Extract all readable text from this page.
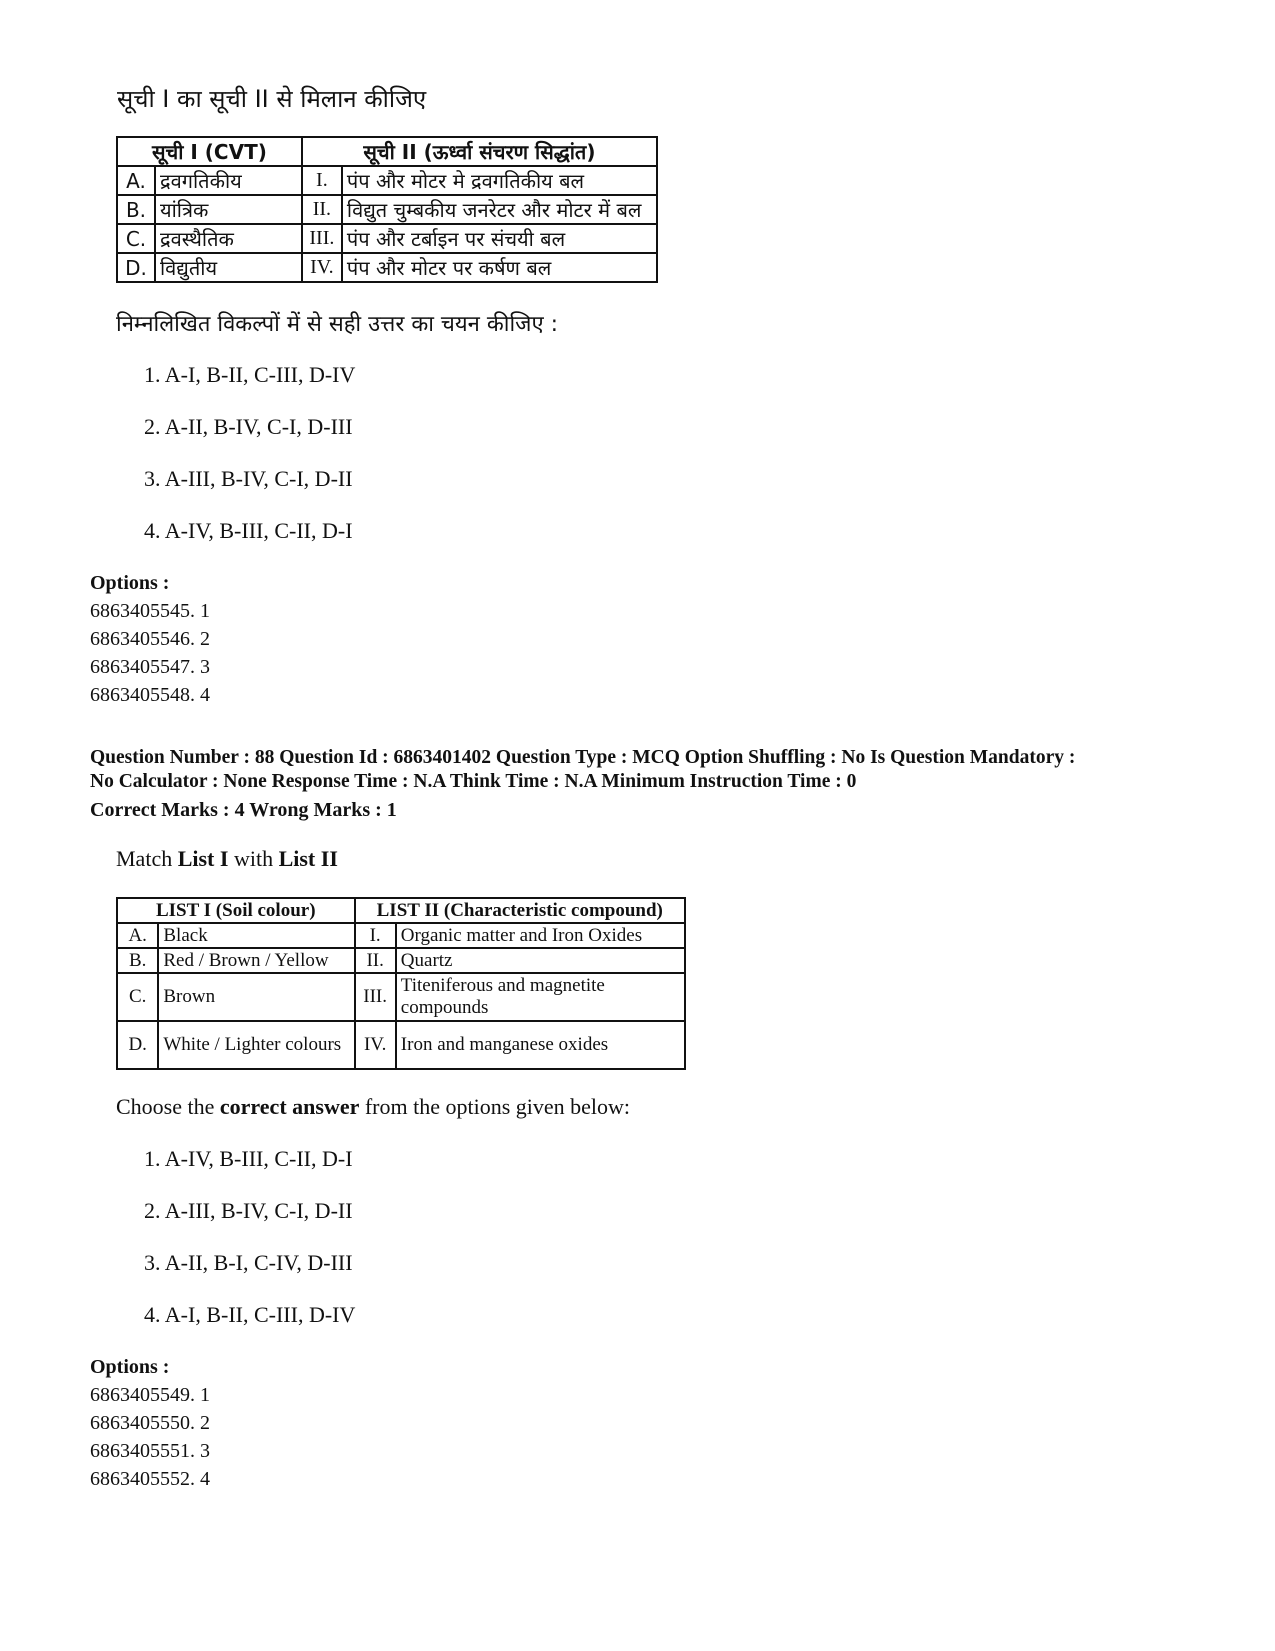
सूची I का सूची II से मिलान कीजिए
सूची I (CVT)		सूची II (ऊर्ध्वा संचरण सिद्धांत)	
A.	द्रवगतिकीय	I.	पंप और मोटर मे द्रवगतिकीय बल
B.	यांत्रिक	II.	विद्युत चुम्बकीय जनरेटर और मोटर में बल
C.	द्रवस्थैतिक	III.	पंप और टर्बाइन पर संचयी बल
D.	विद्युतीय	IV.	पंप और मोटर पर कर्षण बल
निम्नलिखित विकल्पों में से सही उत्तर का चयन कीजिए :
1. A-I, B-II, C-III, D-IV
2. A-II, B-IV, C-I, D-III
3. A-III, B-IV, C-I, D-II
4. A-IV, B-III, C-II, D-I
Options :
6863405545. 1
6863405546. 2
6863405547. 3
6863405548. 4
Question Number : 88 Question Id : 6863401402 Question Type : MCQ Option Shuffling : No Is Question Mandatory :
No Calculator : None Response Time : N.A Think Time : N.A Minimum Instruction Time : 0
Correct Marks : 4 Wrong Marks : 1
Match List I with List II
LIST I (Soil colour)		LIST II (Characteristic compound)	
A.	Black	I.	Organic matter and Iron Oxides
B.	Red / Brown / Yellow	II.	Quartz
C.	Brown	III.	Titeniferous and magnetite compounds
D.	White / Lighter colours	IV.	Iron and manganese oxides
Choose the correct answer from the options given below:
1. A-IV, B-III, C-II, D-I
2. A-III, B-IV, C-I, D-II
3. A-II, B-I, C-IV, D-III
4. A-I, B-II, C-III, D-IV
Options :
6863405549. 1
6863405550. 2
6863405551. 3
6863405552. 4
